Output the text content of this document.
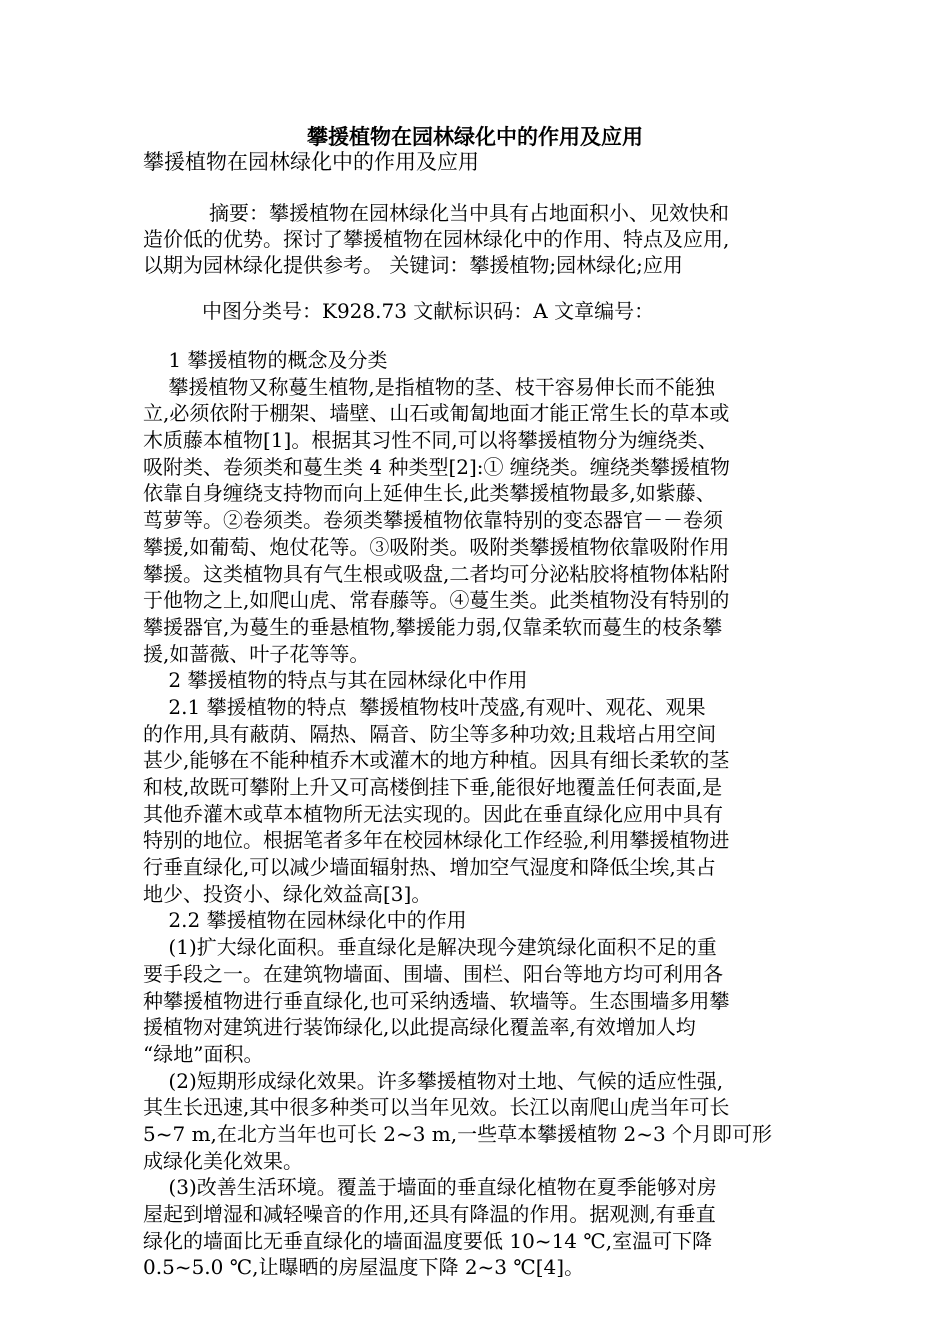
攀援植物在园林绿化中的作用及应用
攀援植物在园林绿化中的作用及应用
摘要：攀援植物在园林绿化当中具有占地面积小、见效快和
造价低的优势。探讨了攀援植物在园林绿化中的作用、特点及应用,
以期为园林绿化提供参考。 关键词：攀援植物;园林绿化;应用
中图分类号：K928.73 文献标识码：A 文章编号：
1 攀援植物的概念及分类
攀援植物又称蔓生植物,是指植物的茎、枝干容易伸长而不能独
立,必须依附于棚架、墙壁、山石或匍匐地面才能正常生长的草本或
木质藤本植物[1]。根据其习性不同,可以将攀援植物分为缠绕类、
吸附类、卷须类和蔓生类 4 种类型[2]:① 缠绕类。缠绕类攀援植物
依靠自身缠绕支持物而向上延伸生长,此类攀援植物最多,如紫藤、
茑萝等。②卷须类。卷须类攀援植物依靠特别的变态器官－－卷须
攀援,如葡萄、炮仗花等。③吸附类。吸附类攀援植物依靠吸附作用
攀援。这类植物具有气生根或吸盘,二者均可分泌粘胶将植物体粘附
于他物之上,如爬山虎、常春藤等。④蔓生类。此类植物没有特别的
攀援器官,为蔓生的垂悬植物,攀援能力弱,仅靠柔软而蔓生的枝条攀
援,如蔷薇、叶子花等等。
2 攀援植物的特点与其在园林绿化中作用
2.1 攀援植物的特点  攀援植物枝叶茂盛,有观叶、观花、观果
的作用,具有蔽荫、隔热、隔音、防尘等多种功效;且栽培占用空间
甚少,能够在不能种植乔木或灌木的地方种植。因具有细长柔软的茎
和枝,故既可攀附上升又可高楼倒挂下垂,能很好地覆盖任何表面,是
其他乔灌木或草本植物所无法实现的。因此在垂直绿化应用中具有
特别的地位。根据笔者多年在校园林绿化工作经验,利用攀援植物进
行垂直绿化,可以减少墙面辐射热、增加空气湿度和降低尘埃,其占
地少、投资小、绿化效益高[3]。
2.2 攀援植物在园林绿化中的作用
(1)扩大绿化面积。垂直绿化是解决现今建筑绿化面积不足的重
要手段之一。在建筑物墙面、围墙、围栏、阳台等地方均可利用各
种攀援植物进行垂直绿化,也可采纳透墙、软墙等。生态围墙多用攀
援植物对建筑进行装饰绿化,以此提高绿化覆盖率,有效增加人均
“绿地”面积。
(2)短期形成绿化效果。许多攀援植物对土地、气候的适应性强,
其生长迅速,其中很多种类可以当年见效。长江以南爬山虎当年可长
5~7 m,在北方当年也可长 2~3 m,一些草本攀援植物 2~3 个月即可形
成绿化美化效果。
(3)改善生活环境。覆盖于墙面的垂直绿化植物在夏季能够对房
屋起到增湿和减轻噪音的作用,还具有降温的作用。据观测,有垂直
绿化的墙面比无垂直绿化的墙面温度要低 10~14 ℃,室温可下降
0.5~5.0 ℃,让曝晒的房屋温度下降 2~3 ℃[4]。
